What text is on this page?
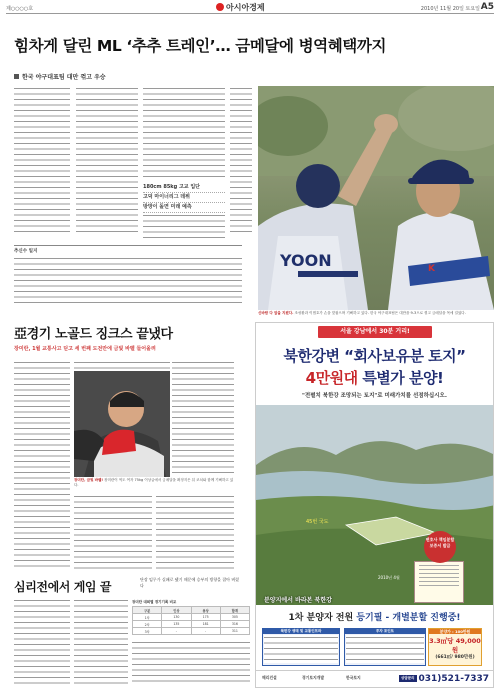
제○○○○호	아시아경제	2010년 11월 20일 토요일 A5
힘차게 달린 ML ‘추추 트레인’… 금메달에 병역혜택까지
한국 야구대표팀 대만 꺾고 우승

180cm 85kg 고교 입단

고덕 마이너리그 데뷔

방망이 돌면 미래 예측

추신수 일지	YOON	K
신바람 다 알을 지켰다. 조성환과 이범호가 손을 맞잡으며 기뻐하고 있다. 한국 야구대표팀은 대만을 9-3으로 꺾고 금메달을 목에 걸었다.
亞경기 노골드 징크스 끝냈다
장미란, 1월 교통사고 딛고 세 번째 도전만에 금빛 바벨 들어올려
장미란, 금빛 바벨! 장미란이 역도 여자 75kg 이상급에서 금메달을 확정지은 뒤 코치와 함께 기뻐하고 있다.
심리전에서 게임 끝
단장 임무가 실패로 됐기 때문에 승부의 방향을 잡아 버렸다
장미란 대회별 경기기록 비교
구분	인상	용상	합계
1차	130	175	305
2차	135	181	316
3차	-	-	311
서울 강남에서 30분 거리!
북한강변 “회사보유분 토지”
4만원대 특별가 분양!
"전펼치 북한강 조망되는 토지"로 미래가치를 선점하십시오.
45번 국도
2010년 4월
분양지에서 바라본 북한강
변호사 책임분할 보증서 발급
1차 분양자 전원 등기필 - 개별분할 진행중!
북한강 생태 및 교통인프라	투자 포인트	분양가 : 100만원
3.3㎡당 49,000원
(661㎡/ 980만원)
해리건설	경기토지개발	한국토지	상담문의 031)521-7337
